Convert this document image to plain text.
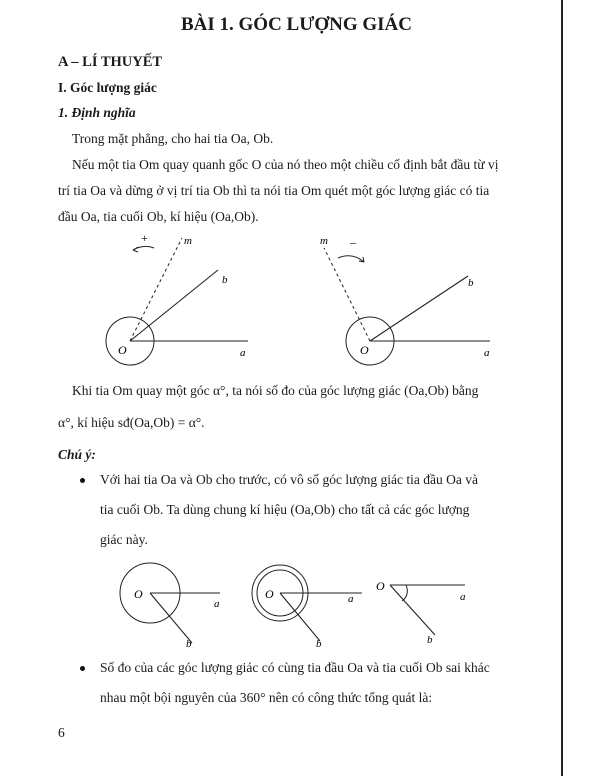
BÀI 1. GÓC LƯỢNG GIÁC
A – LÍ THUYẾT
I. Góc lượng giác
1. Định nghĩa
Trong mặt phẳng, cho hai tia Oa, Ob.
Nếu một tia Om quay quanh gốc O của nó theo một chiều cố định bắt đầu từ vị
trí tia Oa và dừng ở vị trí tia Ob thì ta nói tia Om quét một góc lượng giác có tia
đầu Oa, tia cuối Ob, kí hiệu (Oa,Ob).
+	m
b
O	a
m –
b
O	a
Khi tia Om quay một góc α°, ta nói số đo của góc lượng giác (Oa,Ob) bằng
α°, kí hiệu sđ(Oa,Ob) = α°.
Chú ý:
Với hai tia Oa và Ob cho trước, có vô số góc lượng giác tia đầu Oa và
tia cuối Ob. Ta dùng chung kí hiệu (Oa,Ob) cho tất cả các góc lượng
giác này.
O
a
b
O	a
b
O
a
b
Số đo của các góc lượng giác có cùng tia đầu Oa và tia cuối Ob sai khác
nhau một bội nguyên của 360° nên có công thức tổng quát là:
6
